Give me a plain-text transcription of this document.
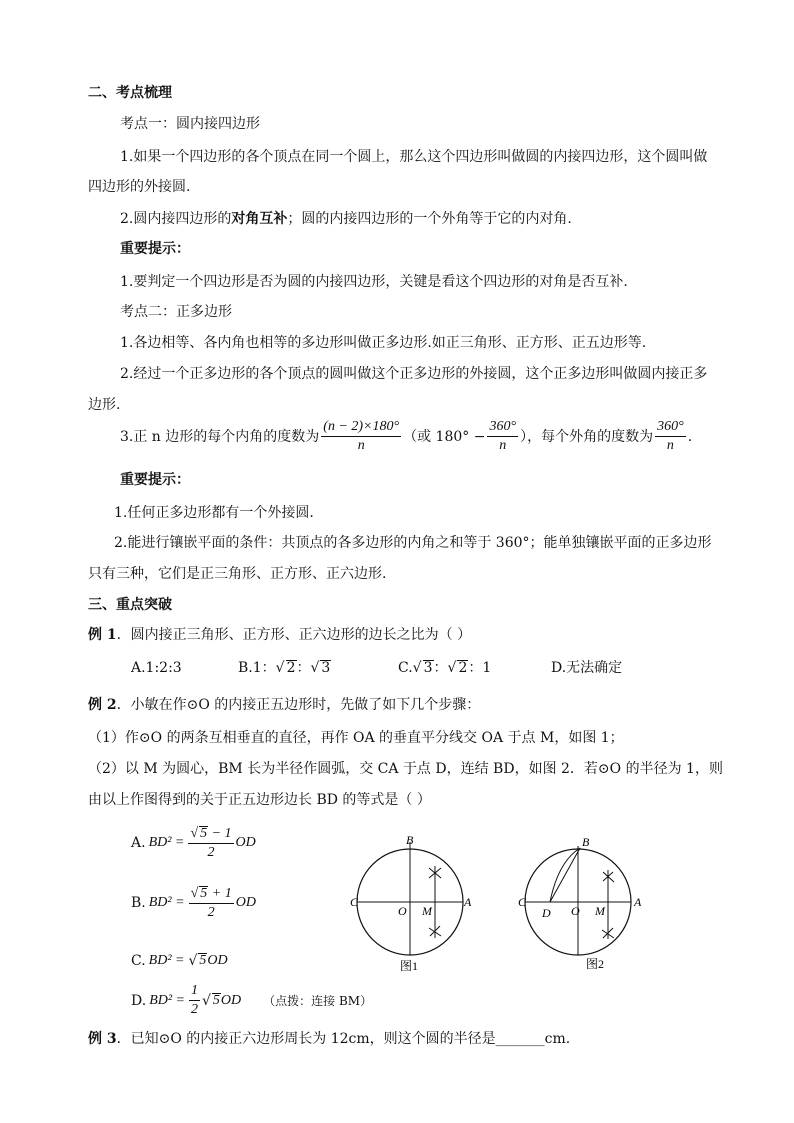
二、考点梳理
考点一：圆内接四边形
1.如果一个四边形的各个顶点在同一个圆上，那么这个四边形叫做圆的内接四边形，这个圆叫做
四边形的外接圆.
2.圆内接四边形的对角互补；圆的内接四边形的一个外角等于它的内对角.
重要提示：
1.要判定一个四边形是否为圆的内接四边形，关键是看这个四边形的对角是否互补.
考点二：正多边形
1.各边相等、各内角也相等的多边形叫做正多边形.如正三角形、正方形、正五边形等.
2.经过一个正多边形的各个顶点的圆叫做这个正多边形的外接圆，这个正多边形叫做圆内接正多
边形.
3.正 n 边形的每个内角的度数为 $\frac{(n - 2)\times 180^\circ}{n}$ （或 $180^\circ - \frac{360^\circ}{n}$ ），每个外角的度数为 $\frac{360^\circ}{n}$ .
重要提示：
1.任何正多边形都有一个外接圆.
2.能进行镶嵌平面的条件：共顶点的各多边形的内角之和等于 360°；能单独镶嵌平面的正多边形
只有三种，它们是正三角形、正方形、正六边形.
三、重点突破
例 1．圆内接正三角形、正方形、正六边形的边长之比为（ ）
A.1:2:3	B.1：√ 2：√ 3	C.√ 3：√ 2：1	D.无法确定
例 2．小敏在作⊙O 的内接正五边形时，先做了如下几个步骤：
（1）作⊙O 的两条互相垂直的直径，再作 OA 的垂直平分线交 OA 于点 M，如图 1；
（2）以 M 为圆心，BM 长为半径作圆弧，交 CA 于点 D，连结 BD，如图 2．若⊙O 的半径为 1，则
由以上作图得到的关于正五边形边长 BD 的等式是（ ）
A. $BD^2 = \frac{√ 5 - 1}{2}$ OD
B. $BD^2 = \frac{√ 5 + 1}{2}$ OD
C. BD² = √ 5 OD
D. $BD^2 = \frac{1}{2}$ √ 5 OD （点拨：连接 BM）
B
C
O M
A
图1
B
C
D O M
A
图2
例 3．已知⊙O 的内接正六边形周长为 12cm，则这个圆的半径是_______cm.
